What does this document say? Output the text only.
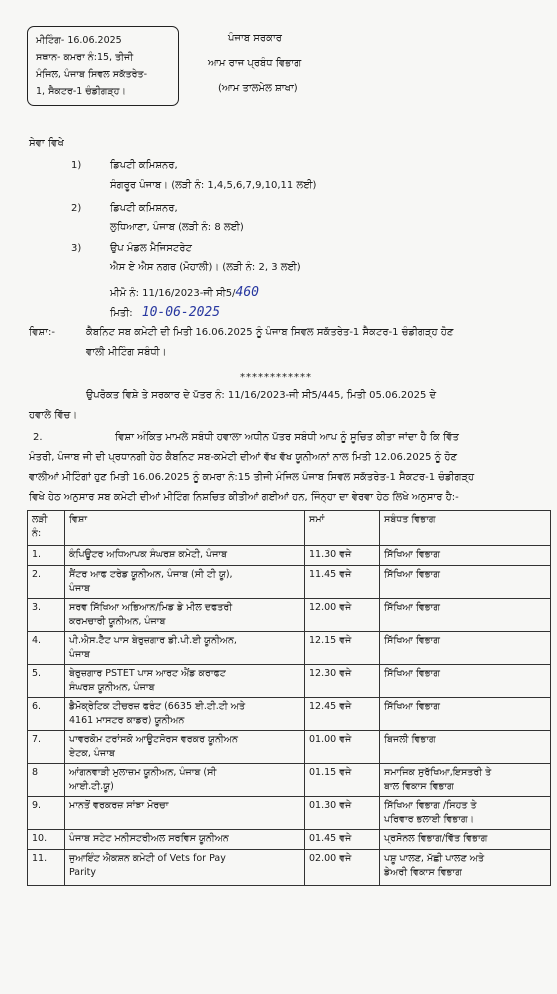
ਮੀਟਿੰਗ- 16.06.2025
ਸਥਾਨ- ਕਮਰਾ ਨੰ:15, ਤੀਜੀ
ਮੰਜਿਲ, ਪੰਜਾਬ ਸਿਵਲ ਸਕੱਤਰੇਤ-
1, ਸੈਕਟਰ-1 ਚੰਡੀਗੜ੍ਹ।
ਪੰਜਾਬ ਸਰਕਾਰ
ਆਮ ਰਾਜ ਪ੍ਰਬੰਧ ਵਿਭਾਗ
(ਆਮ ਤਾਲਮੇਲ ਸ਼ਾਖਾ)
ਸੇਵਾ ਵਿਖੇ
1)	ਡਿਪਟੀ ਕਮਿਸ਼ਨਰ,
ਸੰਗਰੂਰ ਪੰਜਾਬ। (ਲੜੀ ਨੰ: 1,4,5,6,7,9,10,11 ਲਈ)
2)	ਡਿਪਟੀ ਕਮਿਸ਼ਨਰ,
ਲੁਧਿਆਣਾ, ਪੰਜਾਬ (ਲੜੀ ਨੰ: 8 ਲਈ)
3)	ਉਪ ਮੰਡਲ ਮੈਜਿਸਟਰੇਟ
ਐਸ ਏ ਐਸ ਨਗਰ (ਮੋਹਾਲੀ)। (ਲੜੀ ਨੰ: 2, 3 ਲਈ)
ਮੀਮੋ ਨੰ: 11/16/2023-ਜੀ ਸੀ5/460
ਮਿਤੀ: 10-06-2025
ਵਿਸ਼ਾ:-	ਕੈਬਨਿਟ ਸਬ ਕਮੇਟੀ ਦੀ ਮਿਤੀ 16.06.2025 ਨੂੰ ਪੰਜਾਬ ਸਿਵਲ ਸਕੱਤਰੇਤ-1 ਸੈਕਟਰ-1 ਚੰਡੀਗੜ੍ਹ ਹੋਣ
ਵਾਲੀ ਮੀਟਿੰਗ ਸਬੰਧੀ।
************
ਉਪਰੋਕਤ ਵਿਸ਼ੇ ਤੇ ਸਰਕਾਰ ਦੇ ਪੱਤਰ ਨੰ: 11/16/2023-ਜੀ ਸੀ5/445, ਮਿਤੀ 05.06.2025 ਦੇ
ਹਵਾਲੇ ਵਿੱਚ।
2.	ਵਿਸ਼ਾ ਅੰਕਿਤ ਮਾਮਲੇ ਸਬੰਧੀ ਹਵਾਲਾ ਅਧੀਨ ਪੱਤਰ ਸਬੰਧੀ ਆਪ ਨੂੰ ਸੂਚਿਤ ਕੀਤਾ ਜਾਂਦਾ ਹੈ ਕਿ ਵਿੱਤ
ਮੰਤਰੀ, ਪੰਜਾਬ ਜੀ ਦੀ ਪ੍ਰਧਾਨਗੀ ਹੇਠ ਕੈਬਨਿਟ ਸਬ-ਕਮੇਟੀ ਦੀਆਂ ਵੱਖ ਵੱਖ ਯੂਨੀਅਨਾਂ ਨਾਲ ਮਿਤੀ 12.06.2025 ਨੂੰ ਹੋਣ
ਵਾਲੀਆਂ ਮੀਟਿੰਗਾਂ ਹੁਣ ਮਿਤੀ 16.06.2025 ਨੂੰ ਕਮਰਾ ਨੰ:15 ਤੀਜੀ ਮੰਜਿਲ ਪੰਜਾਬ ਸਿਵਲ ਸਕੱਤਰੇਤ-1 ਸੈਕਟਰ-1 ਚੰਡੀਗੜ੍ਹ
ਵਿਖੇ ਹੇਠ ਅਨੁਸਾਰ ਸਬ ਕਮੇਟੀ ਦੀਆਂ ਮੀਟਿੰਗ ਨਿਸ਼ਚਿਤ ਕੀਤੀਆਂ ਗਈਆਂ ਹਨ, ਜਿੰਨ੍ਹਾ ਦਾ ਵੇਰਵਾ ਹੇਠ ਲਿਖੇ ਅਨੁਸਾਰ ਹੈ:-
ਲੜੀ
ਨੰ:	ਵਿਸ਼ਾ	ਸਮਾਂ	ਸਬੰਧਤ ਵਿਭਾਗ
1.	ਕੰਪਿਊਟਰ ਅਧਿਆਪਕ ਸੰਘਰਸ਼ ਕਮੇਟੀ, ਪੰਜਾਬ	11.30 ਵਜੇ	ਸਿੱਖਿਆ ਵਿਭਾਗ
2.	ਸੈਂਟਰ ਆਫ ਟਰੇਡ ਯੂਨੀਅਨ, ਪੰਜਾਬ (ਸੀ ਟੀ ਯੂ),
ਪੰਜਾਬ	11.45 ਵਜੇ	ਸਿੱਖਿਆ ਵਿਭਾਗ
3.	ਸਰਵ ਸਿੱਖਿਆ ਅਭਿਆਨ/ਮਿਡ ਡੇ ਮੀਲ ਦਫਤਰੀ
ਕਰਮਚਾਰੀ ਯੂਨੀਅਨ, ਪੰਜਾਬ	12.00 ਵਜੇ	ਸਿੱਖਿਆ ਵਿਭਾਗ
4.	ਪੀ.ਐਸ.ਟੈੱਟ ਪਾਸ ਬੇਰੁਜ਼ਗਾਰ ਡੀ.ਪੀ.ਈ ਯੂਨੀਅਨ,
ਪੰਜਾਬ	12.15 ਵਜੇ	ਸਿੱਖਿਆ ਵਿਭਾਗ
5.	ਬੇਰੁਜ਼ਗਾਰ PSTET ਪਾਸ ਆਰਟ ਐਂਡ ਕਰਾਫਟ
ਸੰਘਰਸ਼ ਯੂਨੀਅਨ, ਪੰਜਾਬ	12.30 ਵਜੇ	ਸਿੱਖਿਆ ਵਿਭਾਗ
6.	ਡੈਮੋਕ੍ਰੇਟਿਕ ਟੀਚਰਜ਼ ਫਰੰਟ (6635 ਈ.ਟੀ.ਟੀ ਅਤੇ
4161 ਮਾਸਟਰ ਕਾਡਰ) ਯੂਨੀਅਨ	12.45 ਵਜੇ	ਸਿੱਖਿਆ ਵਿਭਾਗ
7.	ਪਾਵਰਕੋਮ ਟਰਾਂਸਕੋ ਆਊਟਸੋਰਸ ਵਰਕਰ ਯੂਨੀਅਨ
ਏਟਕ, ਪੰਜਾਬ	01.00 ਵਜੇ	ਬਿਜਲੀ ਵਿਭਾਗ
8	ਆਂਗਨਵਾੜੀ ਮੁਲਾਜ਼ਮ ਯੂਨੀਅਨ, ਪੰਜਾਬ (ਸੀ
ਆਈ.ਟੀ.ਯੂ)	01.15 ਵਜੇ	ਸਮਾਜਿਕ ਸੁਰੱਖਿਆ,ਇਸਤਰੀ ਤੇ
ਬਾਲ ਵਿਕਾਸ ਵਿਭਾਗ
9.	ਮਾਨਤੋਂ ਵਰਕਰਜ਼ ਸਾਂਝਾ ਮੋਰਚਾ	01.30 ਵਜੇ	ਸਿੱਖਿਆ ਵਿਭਾਗ /ਸਿਹਤ ਤੇ
ਪਰਿਵਾਰ ਭਲਾਈ ਵਿਭਾਗ।
10.	ਪੰਜਾਬ ਸਟੇਟ ਮਨੀਸਟਰੀਅਲ ਸਰਵਿਸ ਯੂਨੀਅਨ	01.45 ਵਜੇ	ਪ੍ਰਸੋਨਲ ਵਿਭਾਗ/ਵਿੱਤ ਵਿਭਾਗ
11.	ਜੁਆਇੰਟ ਐਕਸ਼ਨ ਕਮੇਟੀ of Vets for Pay
Parity	02.00 ਵਜੇ	ਪਸ਼ੂ ਪਾਲਣ, ਮੱਛੀ ਪਾਲਣ ਅਤੇ
ਡੇਅਰੀ ਵਿਕਾਸ ਵਿਭਾਗ
